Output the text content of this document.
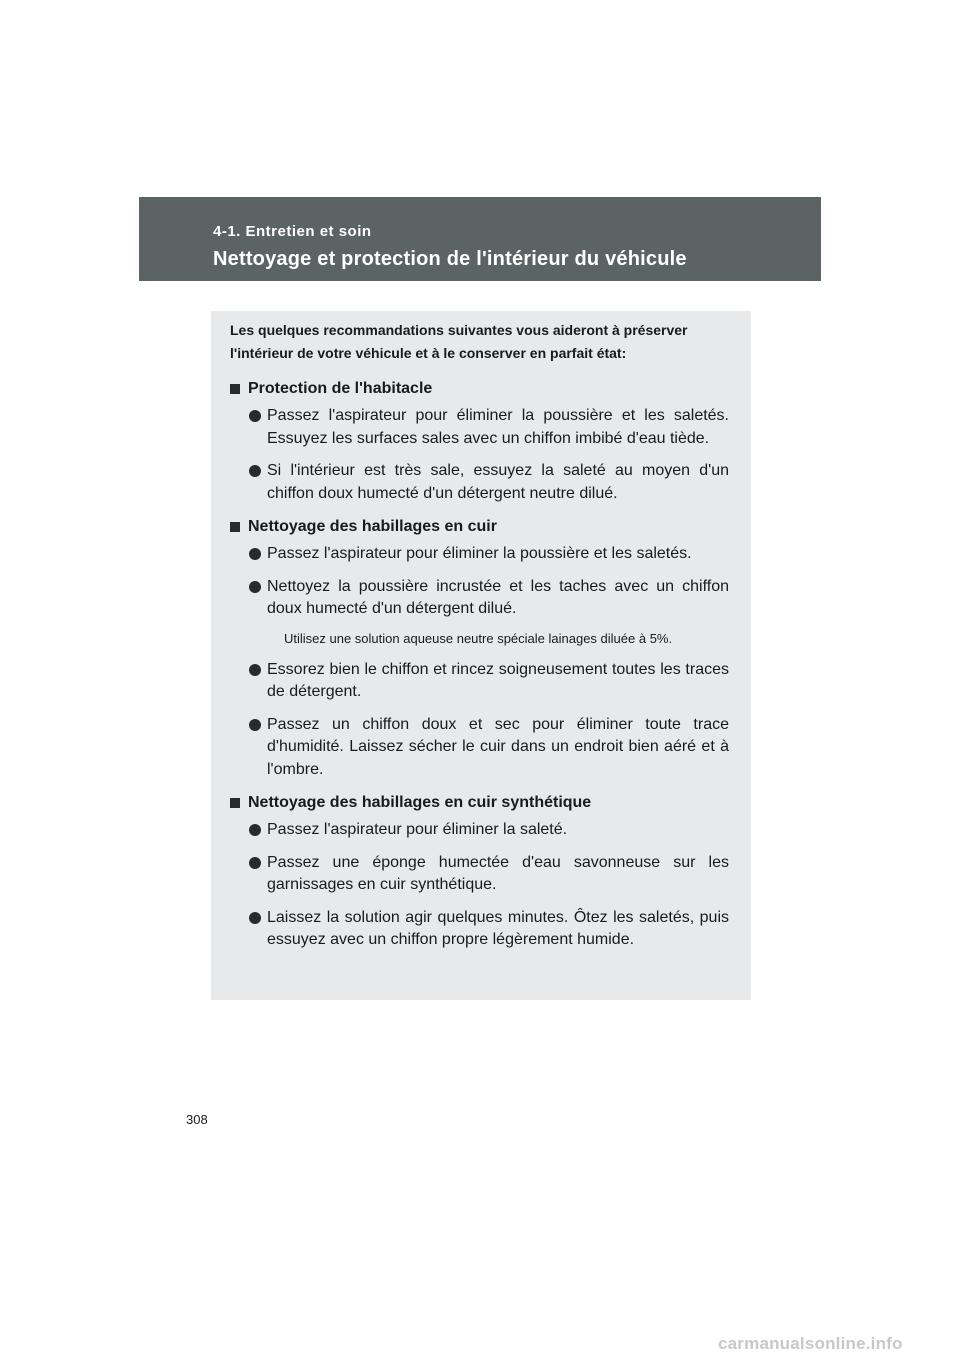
4-1. Entretien et soin
Nettoyage et protection de l'intérieur du véhicule

Les quelques recommandations suivantes vous aideront à préserver l'intérieur de votre véhicule et à le conserver en parfait état:

Protection de l'habitacle
Passez l'aspirateur pour éliminer la poussière et les saletés. Essuyez les surfaces sales avec un chiffon imbibé d'eau tiède.
Si l'intérieur est très sale, essuyez la saleté au moyen d'un chiffon doux humecté d'un détergent neutre dilué.
Nettoyage des habillages en cuir
Passez l'aspirateur pour éliminer la poussière et les saletés.
Nettoyez la poussière incrustée et les taches avec un chiffon doux humecté d'un détergent dilué.

Utilisez une solution aqueuse neutre spéciale lainages diluée à 5%.

Essorez bien le chiffon et rincez soigneusement toutes les traces de détergent.
Passez un chiffon doux et sec pour éliminer toute trace d'humidité. Laissez sécher le cuir dans un endroit bien aéré et à l'ombre.
Nettoyage des habillages en cuir synthétique
Passez l'aspirateur pour éliminer la saleté.
Passez une éponge humectée d'eau savonneuse sur les garnissages en cuir synthétique.
Laissez la solution agir quelques minutes. Ôtez les saletés, puis essuyez avec un chiffon propre légèrement humide.
308
carmanualsonline.info
